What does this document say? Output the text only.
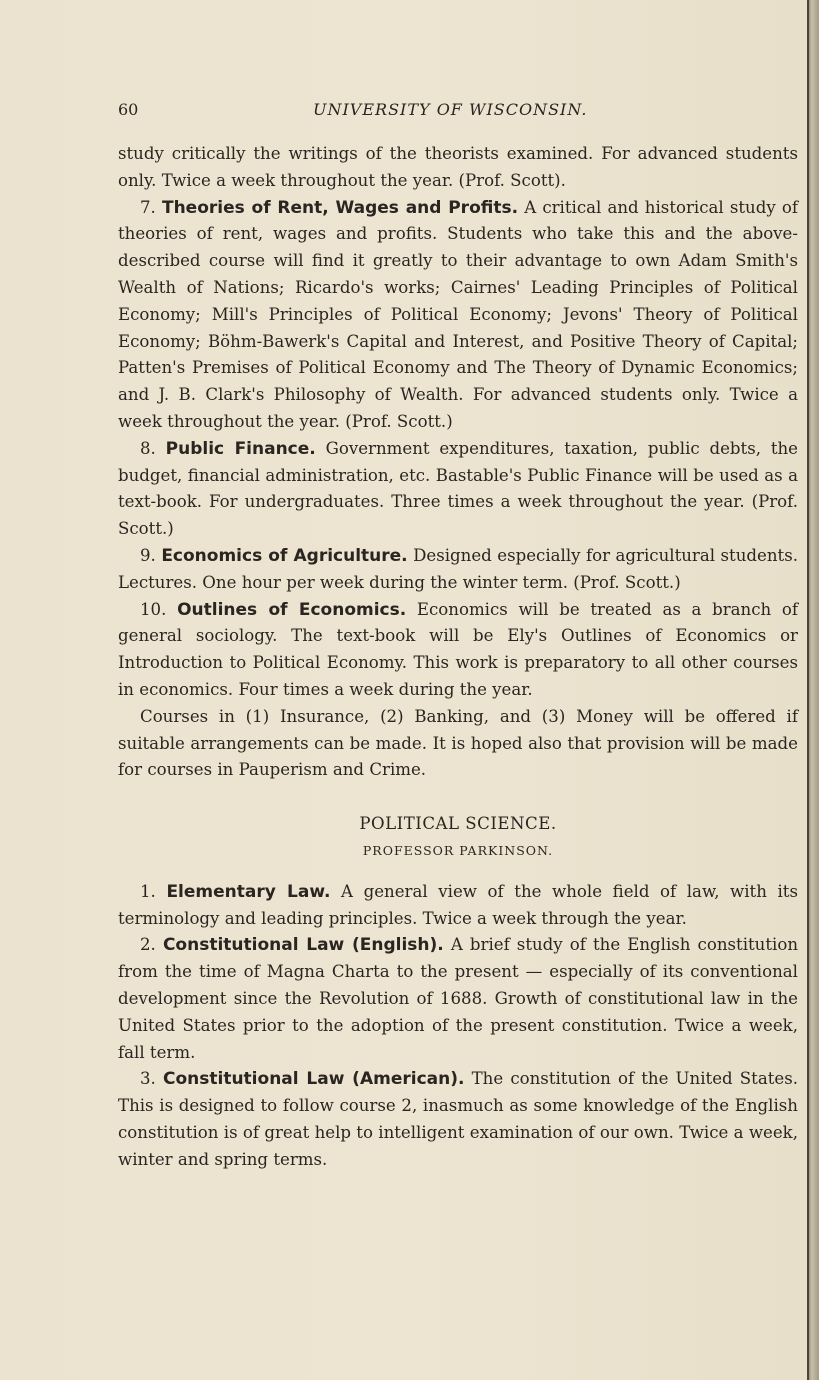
60	UNIVERSITY OF WISCONSIN.

study critically the writings of the theorists examined. For advanced students only. Twice a week throughout the year. (Prof. Scott).

7. Theories of Rent, Wages and Profits. A critical and historical study of theories of rent, wages and profits. Students who take this and the above-described course will find it greatly to their advantage to own Adam Smith's Wealth of Nations; Ricardo's works; Cairnes' Leading Principles of Political Economy; Mill's Principles of Political Economy; Jevons' Theory of Political Economy; Böhm-Bawerk's Capital and Interest, and Positive Theory of Capital; Patten's Premises of Political Economy and The Theory of Dynamic Economics; and J. B. Clark's Philosophy of Wealth. For advanced students only. Twice a week throughout the year. (Prof. Scott.)

8. Public Finance. Government expenditures, taxation, public debts, the budget, financial administration, etc. Bastable's Public Finance will be used as a text-book. For undergraduates. Three times a week throughout the year. (Prof. Scott.)

9. Economics of Agriculture. Designed especially for agricultural students. Lectures. One hour per week during the winter term. (Prof. Scott.)

10. Outlines of Economics. Economics will be treated as a branch of general sociology. The text-book will be Ely's Outlines of Economics or Introduction to Political Economy. This work is preparatory to all other courses in economics. Four times a week during the year.

Courses in (1) Insurance, (2) Banking, and (3) Money will be offered if suitable arrangements can be made. It is hoped also that provision will be made for courses in Pauperism and Crime.

POLITICAL SCIENCE.

PROFESSOR PARKINSON.

1. Elementary Law. A general view of the whole field of law, with its terminology and leading principles. Twice a week through the year.

2. Constitutional Law (English). A brief study of the English constitution from the time of Magna Charta to the present — especially of its conventional development since the Revolution of 1688. Growth of constitutional law in the United States prior to the adoption of the present constitution. Twice a week, fall term.

3. Constitutional Law (American). The constitution of the United States. This is designed to follow course 2, inasmuch as some knowledge of the English constitution is of great help to intelligent examination of our own. Twice a week, winter and spring terms.
